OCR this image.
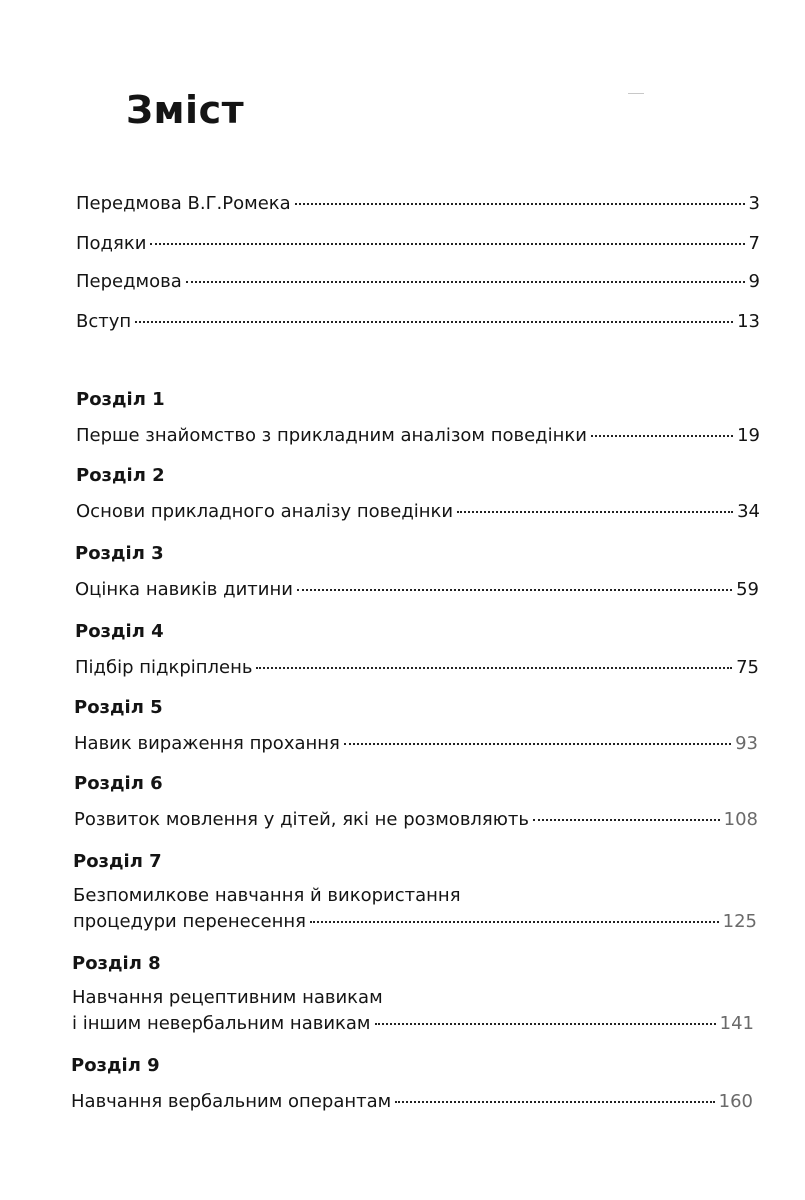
Зміст
Передмова В.Г.Ромека	3
Подяки	7
Передмова	9
Вступ	13
Розділ 1
Перше знайомство з прикладним аналізом поведінки	19
Розділ 2
Основи прикладного аналізу поведінки	34
Розділ 3
Оцінка навиків дитини	59
Розділ 4
Підбір підкріплень	75
Розділ 5
Навик вираження прохання	93
Розділ 6
Розвиток мовлення у дітей, які не розмовляють	108
Розділ 7
Безпомилкове навчання й використання
процедури перенесення	125
Розділ 8
Навчання рецептивним навикам
і іншим невербальним навикам	141
Розділ 9
Навчання вербальним оперантам	160
